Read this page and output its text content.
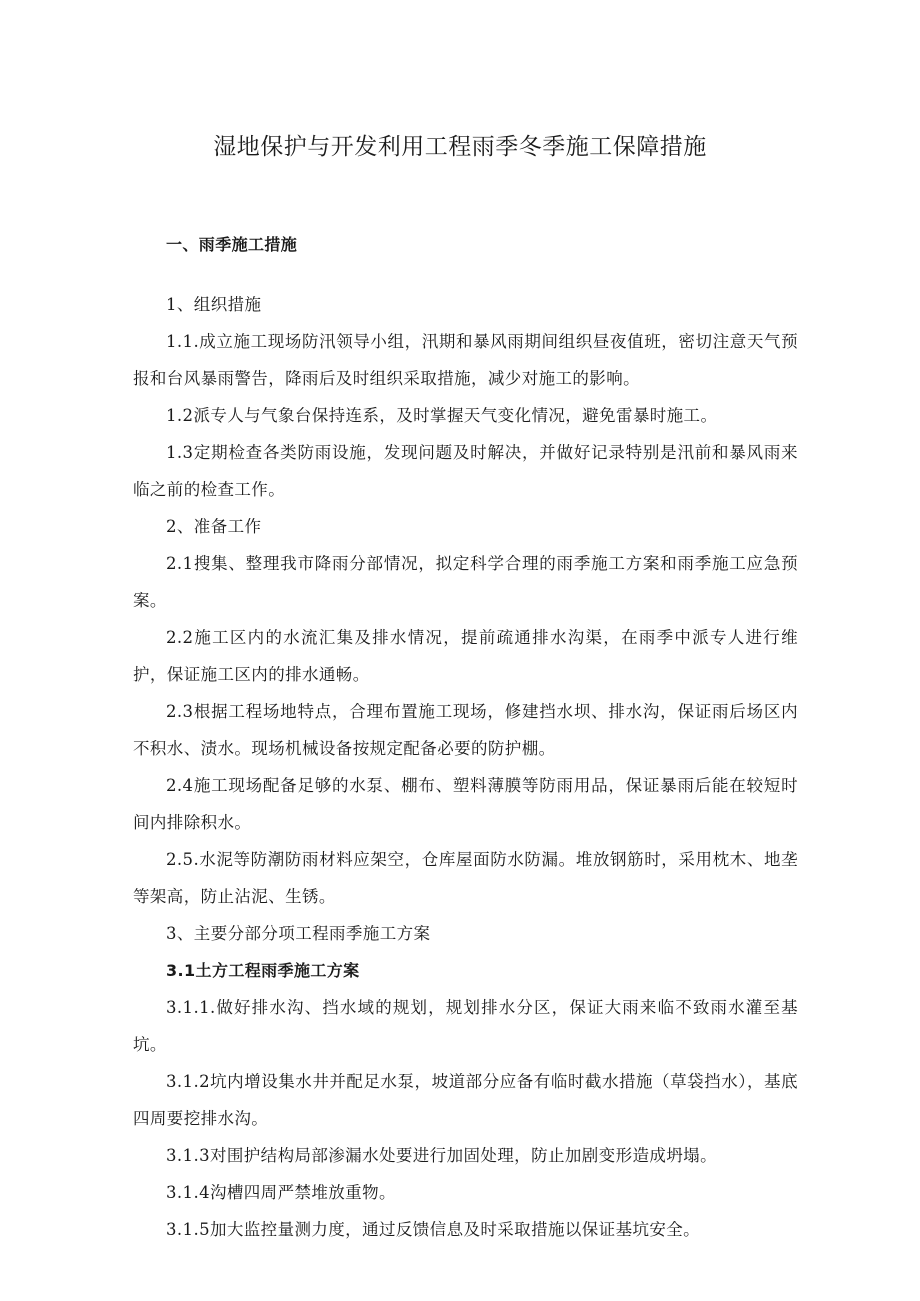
湿地保护与开发利用工程雨季冬季施工保障措施

一、雨季施工措施

1、组织措施

1.1.成立施工现场防汛领导小组，汛期和暴风雨期间组织昼夜值班，密切注意天气预报和台风暴雨警告，降雨后及时组织采取措施，减少对施工的影响。

1.2派专人与气象台保持连系，及时掌握天气变化情况，避免雷暴时施工。

1.3定期检查各类防雨设施，发现问题及时解决，并做好记录特别是汛前和暴风雨来临之前的检查工作。

2、准备工作

2.1搜集、整理我市降雨分部情况，拟定科学合理的雨季施工方案和雨季施工应急预案。

2.2施工区内的水流汇集及排水情况，提前疏通排水沟渠，在雨季中派专人进行维护，保证施工区内的排水通畅。

2.3根据工程场地特点，合理布置施工现场，修建挡水坝、排水沟，保证雨后场区内不积水、渍水。现场机械设备按规定配备必要的防护棚。

2.4施工现场配备足够的水泵、棚布、塑料薄膜等防雨用品，保证暴雨后能在较短时间内排除积水。

2.5.水泥等防潮防雨材料应架空，仓库屋面防水防漏。堆放钢筋时，采用枕木、地垄等架高，防止沾泥、生锈。

3、主要分部分项工程雨季施工方案

3.1土方工程雨季施工方案

3.1.1.做好排水沟、挡水域的规划，规划排水分区，保证大雨来临不致雨水灌至基坑。

3.1.2坑内增设集水井并配足水泵，坡道部分应备有临时截水措施（草袋挡水），基底四周要挖排水沟。

3.1.3对围护结构局部渗漏水处要进行加固处理，防止加剧变形造成坍塌。

3.1.4沟槽四周严禁堆放重物。

3.1.5加大监控量测力度，通过反馈信息及时采取措施以保证基坑安全。
